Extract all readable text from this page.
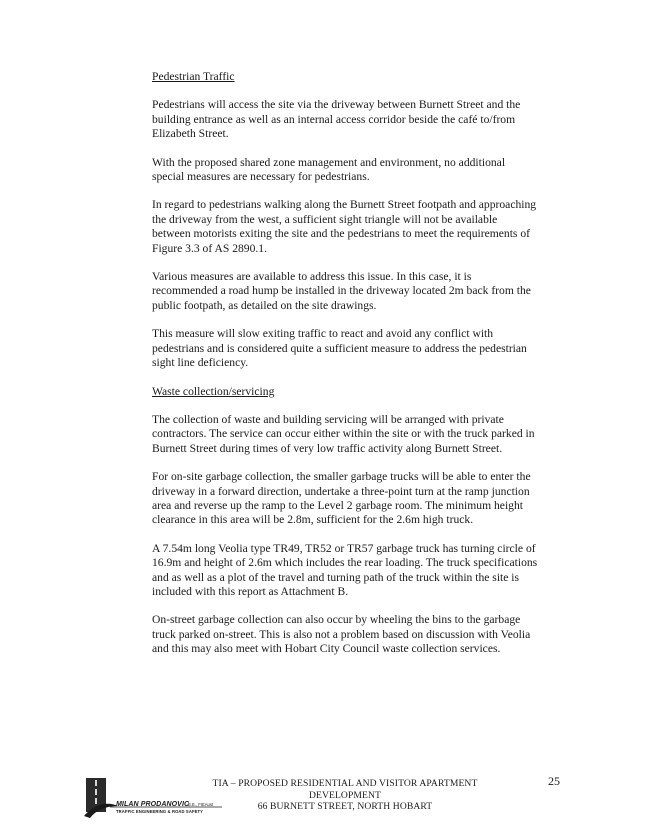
Pedestrian Traffic

Pedestrians will access the site via the driveway between Burnett Street and the building entrance as well as an internal access corridor beside the café to/from Elizabeth Street.

With the proposed shared zone management and environment, no additional special measures are necessary for pedestrians.

In regard to pedestrians walking along the Burnett Street footpath and approaching the driveway from the west, a sufficient sight triangle will not be available between motorists exiting the site and the pedestrians to meet the requirements of Figure 3.3 of AS 2890.1.

Various measures are available to address this issue. In this case, it is recommended a road hump be installed in the driveway located 2m back from the public footpath, as detailed on the site drawings.

This measure will slow exiting traffic to react and avoid any conflict with pedestrians and is considered quite a sufficient measure to address the pedestrian sight line deficiency.

Waste collection/servicing

The collection of waste and building servicing will be arranged with private contractors. The service can occur either within the site or with the truck parked in Burnett Street during times of very low traffic activity along Burnett Street.

For on-site garbage collection, the smaller garbage trucks will be able to enter the driveway in a forward direction, undertake a three-point turn at the ramp junction area and reverse up the ramp to the Level 2 garbage room. The minimum height clearance in this area will be 2.8m, sufficient for the 2.6m high truck.

A 7.54m long Veolia type TR49, TR52 or TR57 garbage truck has turning circle of 16.9m and height of 2.6m which includes the rear loading. The truck specifications and as well as a plot of the travel and turning path of the truck within the site is included with this report as Attachment B.

On-street garbage collection can also occur by wheeling the bins to the garbage truck parked on-street. This is also not a problem based on discussion with Veolia and this may also meet with Hobart City Council waste collection services.

MILAN PRODANOVIC
B.E., FIEAust
TRAFFIC ENGINEERING & ROAD SAFETY
TIA – PROPOSED RESIDENTIAL AND VISITOR APARTMENT
DEVELOPMENT
66 BURNETT STREET, NORTH HOBART
25
